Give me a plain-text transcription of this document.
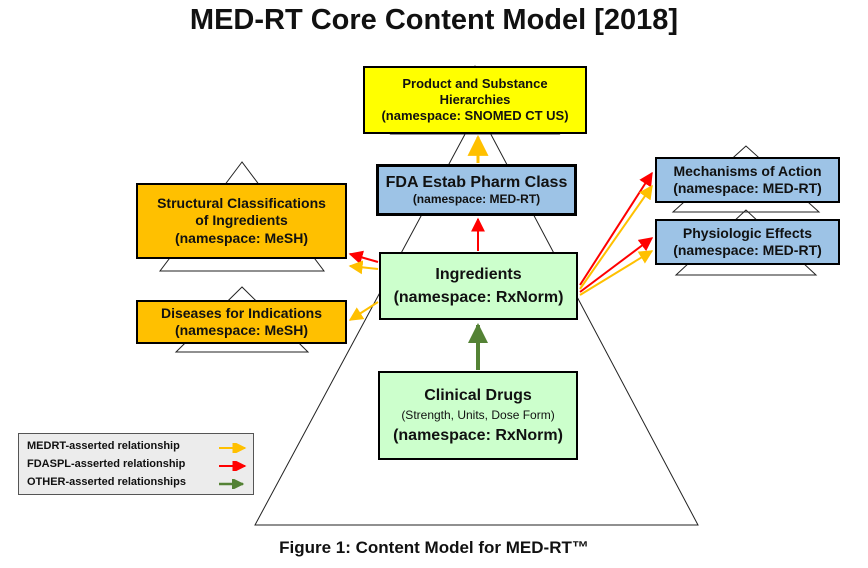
MED-RT Core Content Model [2018]
Product and Substance
Hierarchies
(namespace: SNOMED CT US)
FDA Estab Pharm Class
(namespace: MED-RT)
Structural Classifications
of Ingredients
(namespace: MeSH)
Diseases for Indications
(namespace: MeSH)
Ingredients
(namespace: RxNorm)
Clinical Drugs
(Strength, Units, Dose Form)
(namespace: RxNorm)
Mechanisms of Action
(namespace: MED-RT)
Physiologic Effects
(namespace: MED-RT)
MEDRT-asserted relationship
FDASPL-asserted relationship
OTHER-asserted relationships
Figure 1: Content Model for MED-RT™
